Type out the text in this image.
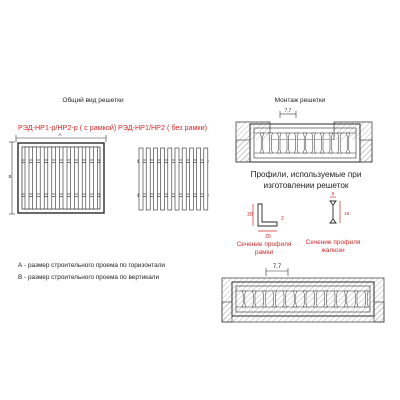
Общий вид решетки
РЭД-НР1-р/НР2-р ( с рамкой) РЭД-НР1/НР2 ( без рамки)
А
В
А - размер строительного проема по горизонтали
В - размер строительного проема по вертикали
Монтаж решетки
7,7
Профили, используемые при
изготовлении решеток
20
20
2
Сечение профиля
рамки
5
18
Сечение профиля
жалюзи
7,7
